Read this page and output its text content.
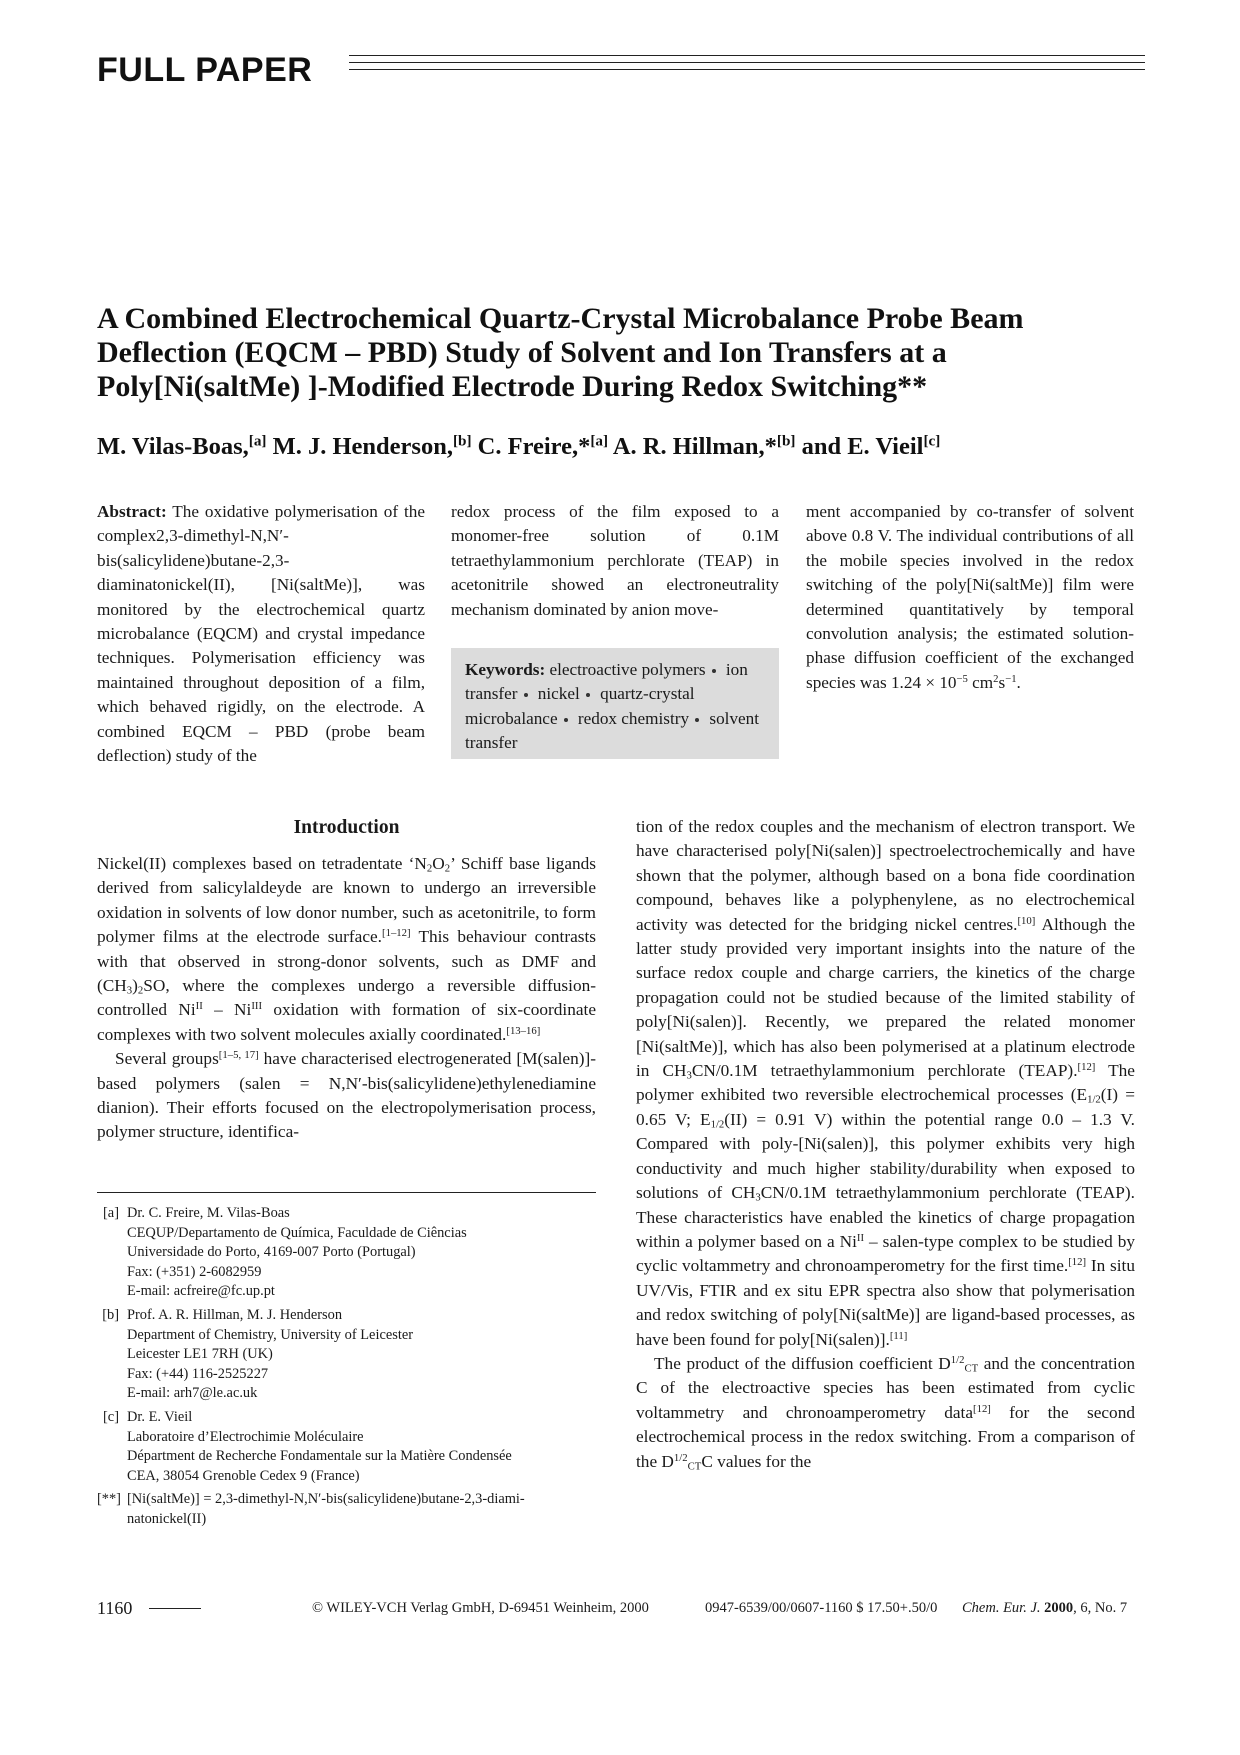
FULL PAPER
A Combined Electrochemical Quartz-Crystal Microbalance Probe Beam Deflection (EQCM – PBD) Study of Solvent and Ion Transfers at a Poly[Ni(saltMe) ]-Modified Electrode During Redox Switching**

M. Vilas-Boas,[a] M. J. Henderson,[b] C. Freire,*[a] A. R. Hillman,*[b] and E. Vieil[c]

Abstract: The oxidative polymerisation of the complex2,3-dimethyl-N,N′-bis(salicylidene)butane-2,3-diaminatonickel(II), [Ni(saltMe)], was monitored by the electrochemical quartz microbalance (EQCM) and crystal impedance techniques. Polymerisation efficiency was maintained throughout deposition of a film, which behaved rigidly, on the electrode. A combined EQCM – PBD (probe beam deflection) study of the

redox process of the film exposed to a monomer-free solution of 0.1M tetraethylammonium perchlorate (TEAP) in acetonitrile showed an electroneutrality mechanism dominated by anion move-

ment accompanied by co-transfer of solvent above 0.8 V. The individual contributions of all the mobile species involved in the redox switching of the poly[Ni(saltMe)] film were determined quantitatively by temporal convolution analysis; the estimated solution-phase diffusion coefficient of the exchanged species was $1.24 \times 10^{-5}$ $cm^2s^{-1}$.

Keywords: electroactive polymers ion transfer nickel quartz-crystal microbalance redox chemistry solvent transfer
Introduction

Nickel(II) complexes based on tetradentate ‘$N_2O_2$’ Schiff base ligands derived from salicylaldeyde are known to undergo an irreversible oxidation in solvents of low donor number, such as acetonitrile, to form polymer films at the electrode surface.[1–12] This behaviour contrasts with that observed in strong-donor solvents, such as DMF and $(CH_3)_2SO$, where the complexes undergo a reversible diffusion-controlled $Ni^{II} - Ni^{III}$ oxidation with formation of six-coordinate complexes with two solvent molecules axially coordinated.[13–16]

Several groups[1–5, 17] have characterised electrogenerated [M(salen)]-based polymers (salen = N,N′-bis(salicylidene)ethylenediamine dianion). Their efforts focused on the electropolymerisation process, polymer structure, identifica-

[a] Dr. C. Freire, M. Vilas-Boas
CEQUP/Departamento de Química, Faculdade de Ciências
Universidade do Porto, 4169-007 Porto (Portugal)
Fax: (+351) 2-6082959
E-mail: acfreire@fc.up.pt
[b] Prof. A. R. Hillman, M. J. Henderson
Department of Chemistry, University of Leicester
Leicester LE1 7RH (UK)
Fax: (+44) 116-2525227
E-mail: arh7@le.ac.uk
[c] Dr. E. Vieil
Laboratoire d’Electrochimie Moléculaire
Départment de Recherche Fondamentale sur la Matière Condensée
CEA, 38054 Grenoble Cedex 9 (France)
[**] [Ni(saltMe)] = 2,3-dimethyl-N,N′-bis(salicylidene)butane-2,3-diami-
natonickel(II)

tion of the redox couples and the mechanism of electron transport. We have characterised poly[Ni(salen)] spectroelectrochemically and have shown that the polymer, although based on a bona fide coordination compound, behaves like a polyphenylene, as no electrochemical activity was detected for the bridging nickel centres.[10] Although the latter study provided very important insights into the nature of the surface redox couple and charge carriers, the kinetics of the charge propagation could not be studied because of the limited stability of poly[Ni(salen)]. Recently, we prepared the related monomer [Ni(saltMe)], which has also been polymerised at a platinum electrode in $CH_3CN/0.1M$ tetraethylammonium perchlorate (TEAP).[12] The polymer exhibited two reversible electrochemical processes ($E_{1/2}(I) = 0.65$ V; $E_{1/2}(II) = 0.91$ V) within the potential range 0.0 – 1.3 V. Compared with poly-[Ni(salen)], this polymer exhibits very high conductivity and much higher stability/durability when exposed to solutions of $CH_3CN/0.1M$ tetraethylammonium perchlorate (TEAP). These characteristics have enabled the kinetics of charge propagation within a polymer based on a $Ni^{II}$ – salen-type complex to be studied by cyclic voltammetry and chronoamperometry for the first time.[12] In situ UV/Vis, FTIR and ex situ EPR spectra also show that polymerisation and redox switching of poly[Ni(saltMe)] are ligand-based processes, as have been found for poly[Ni(salen)].[11]

The product of the diffusion coefficient $D^{1/2}_{CT}$ and the concentration C of the electroactive species has been estimated from cyclic voltammetry and chronoamperometry data[12] for the second electrochemical process in the redox switching. From a comparison of the $D^{1/2}_{CT}C$ values for the

1160	© WILEY-VCH Verlag GmbH, D-69451 Weinheim, 2000	0947-6539/00/0607-1160 $ 17.50+.50/0 Chem. Eur. J. 2000, 6, No. 7
